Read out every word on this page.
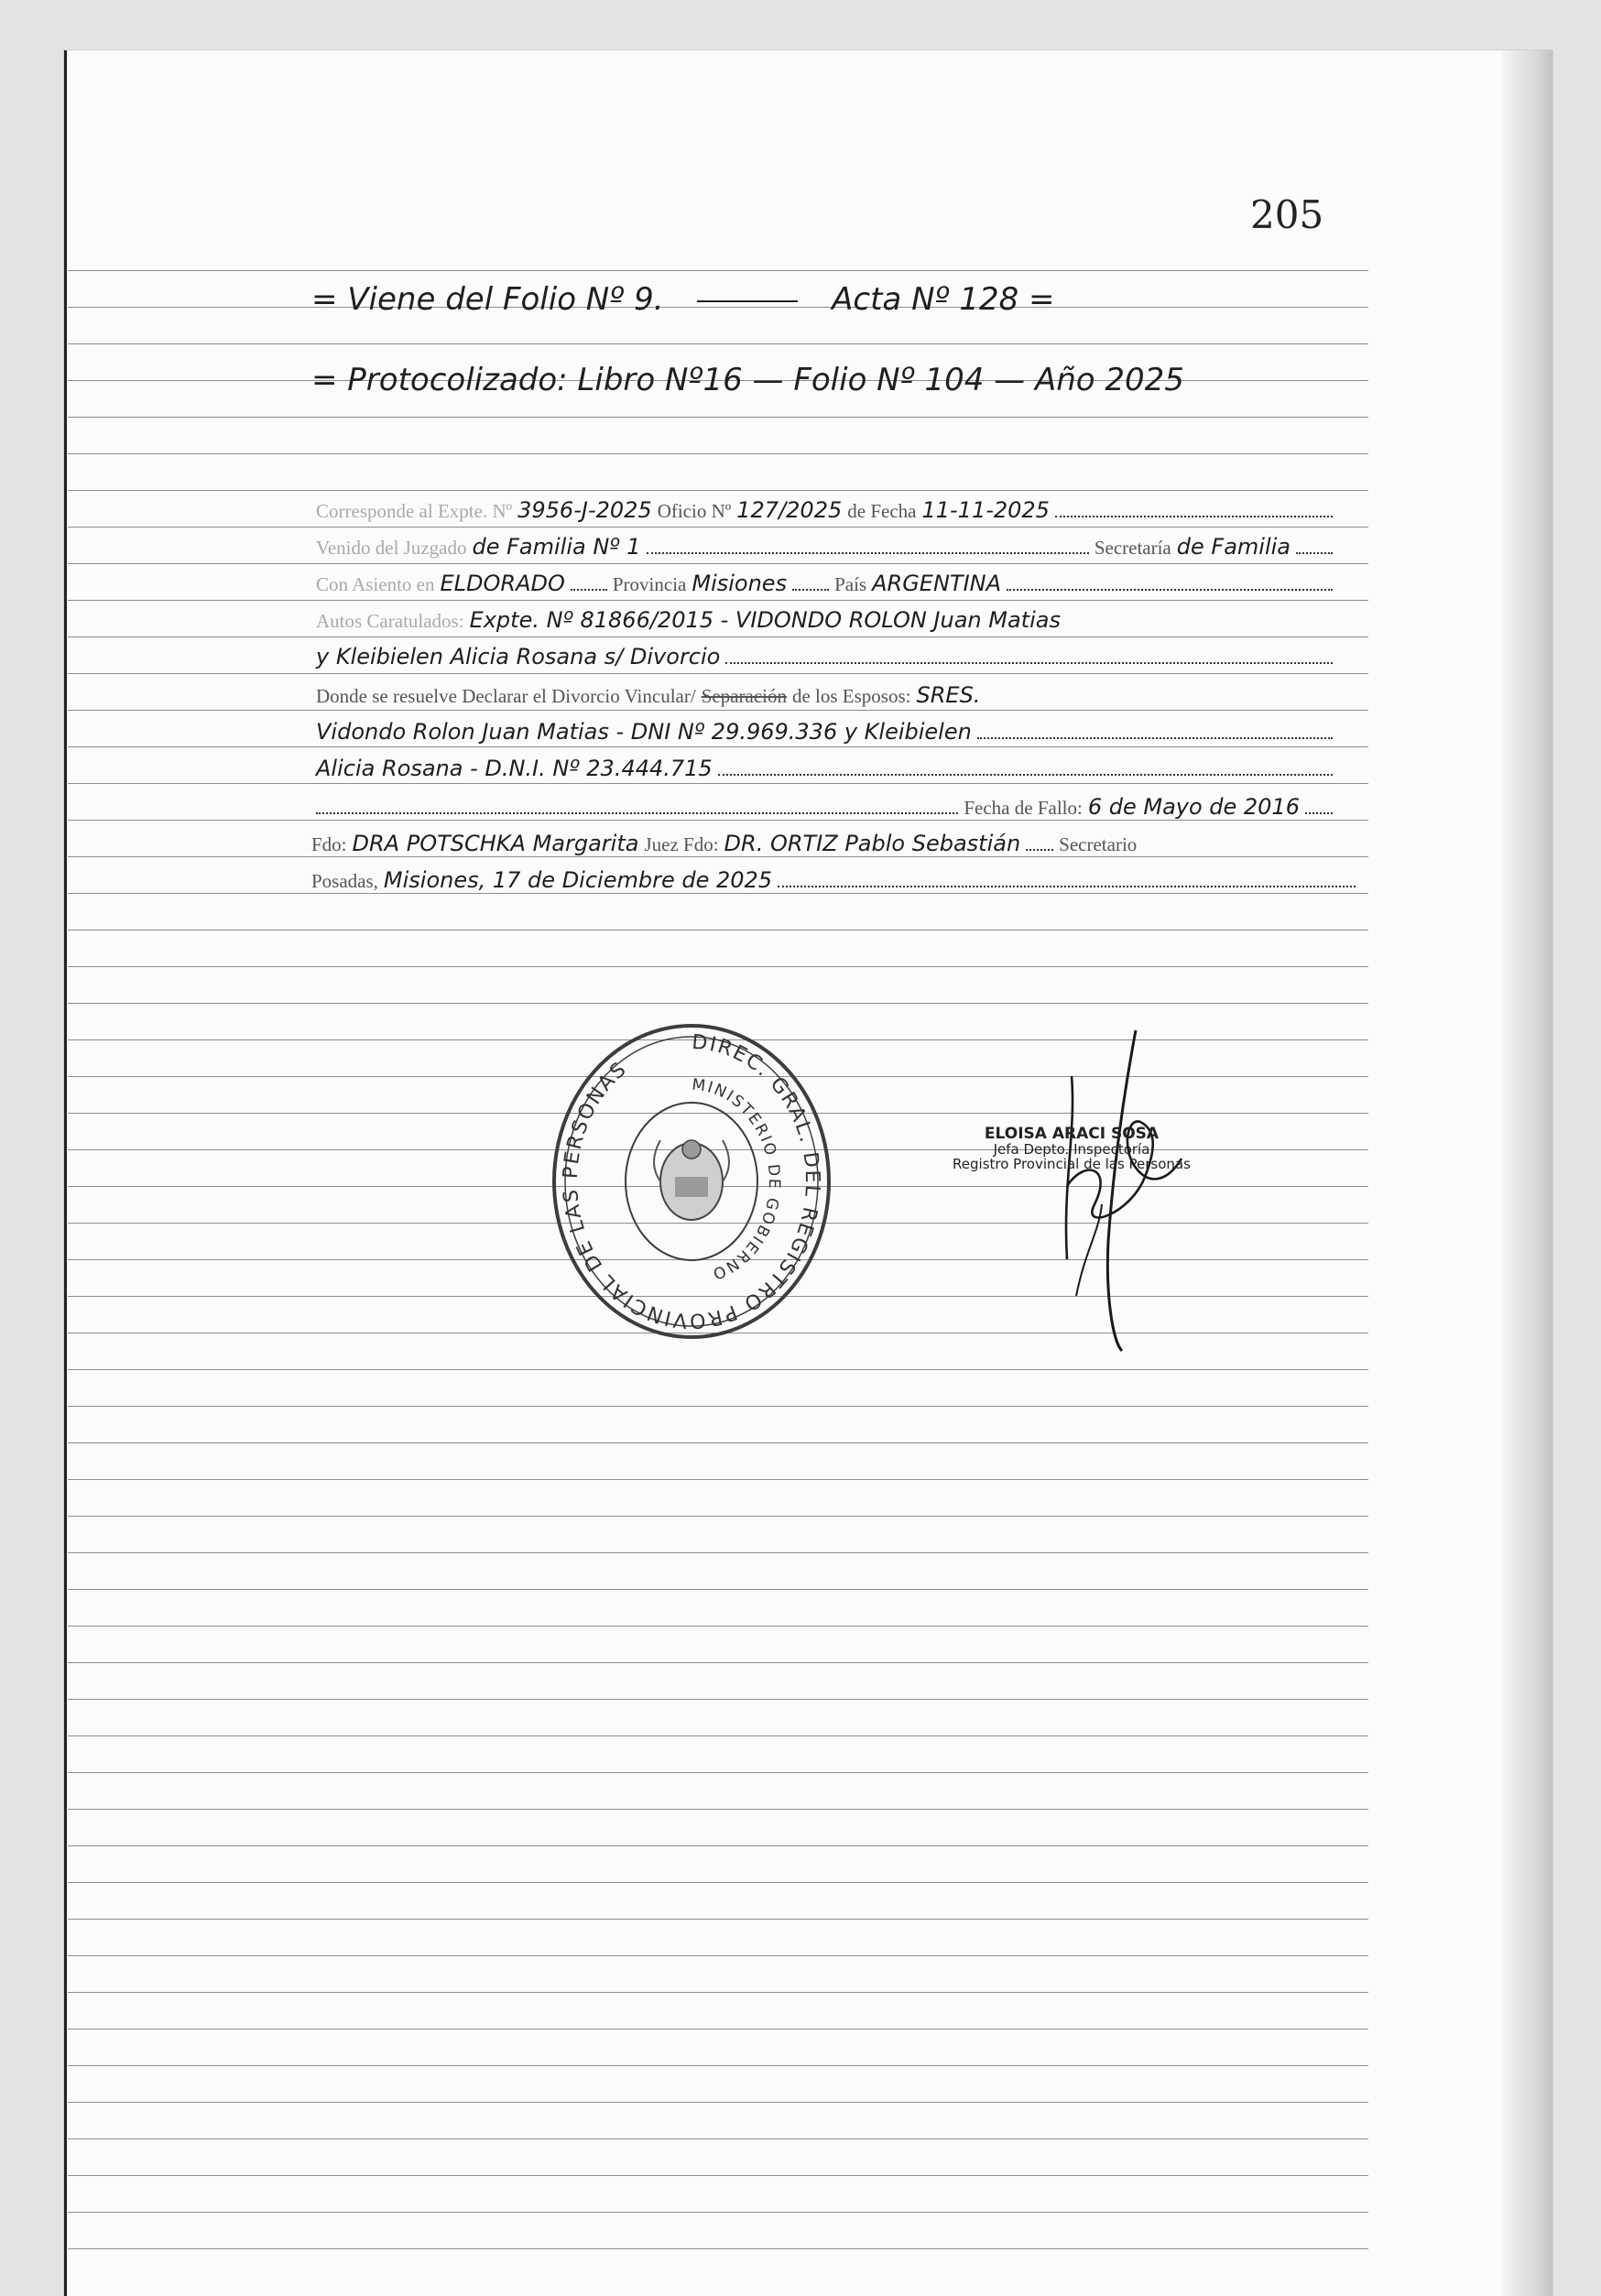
205
= Viene del Folio Nº 9.	Acta Nº 128 =
= Protocolizado: Libro Nº16 — Folio Nº 104 — Año 2025
Corresponde al Expte. Nº 3956-J-2025 Oficio Nº 127/2025 de Fecha 11-11-2025
Venido del Juzgado de Familia Nº 1	Secretaría de Familia
Con Asiento en ELDORADO Provincia Misiones País ARGENTINA
Autos Caratulados: Expte. Nº 81866/2015 - VIDONDO ROLON Juan Matias
y Kleibielen Alicia Rosana s/ Divorcio
Donde se resuelve Declarar el Divorcio Vincular/ Separación de los Esposos: SRES.
Vidondo Rolon Juan Matias - DNI Nº 29.969.336 y Kleibielen
Alicia Rosana - D.N.I. Nº 23.444.715
Fecha de Fallo: 6 de Mayo de 2016
Fdo: DRA POTSCHKA Margarita Juez Fdo: DR. ORTIZ Pablo Sebastián Secretario
Posadas, Misiones, 17 de Diciembre de 2025
DIREC. GRAL. DEL REGISTRO PROVINCIAL DE LAS PERSONAS
MINISTERIO DE GOBIERNO
ELOISA ARACI SOSA
Jefa Depto. Inspectoría
Registro Provincial de las Personas
